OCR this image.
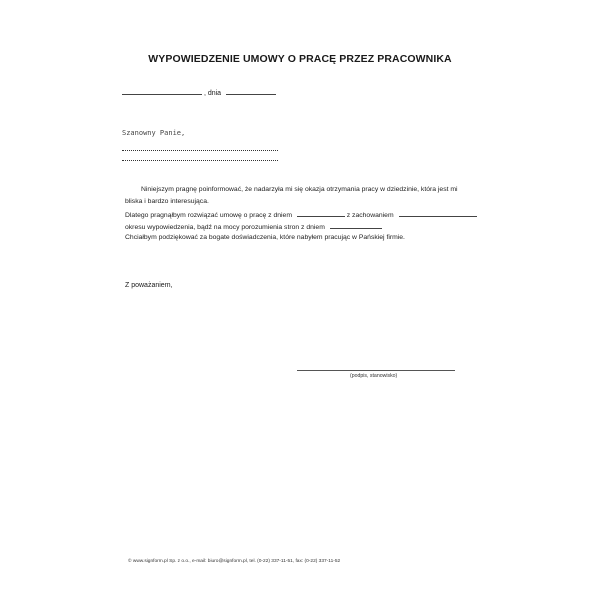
WYPOWIEDZENIE UMOWY O PRACĘ PRZEZ PRACOWNIKA
, dnia
Szanowny Panie,
Niniejszym pragnę poinformować, że nadarzyła mi się okazja otrzymania pracy w dziedzinie, która jest mi
bliska i bardzo interesująca.
Dlatego pragnąłbym rozwiązać umowę o pracę z dniem	z zachowaniem
okresu wypowiedzenia, bądź na mocy porozumienia stron z dniem
Chciałbym podziękować za bogate doświadczenia, które nabyłem pracując w Pańskiej firmie.
Z poważaniem,
(podpis, stanowisko)
© www.signform.pl Sp. z o.o., e-mail: biuro@signform.pl, tel. (0-22) 337-11-51, fax: (0-22) 337-11-52
